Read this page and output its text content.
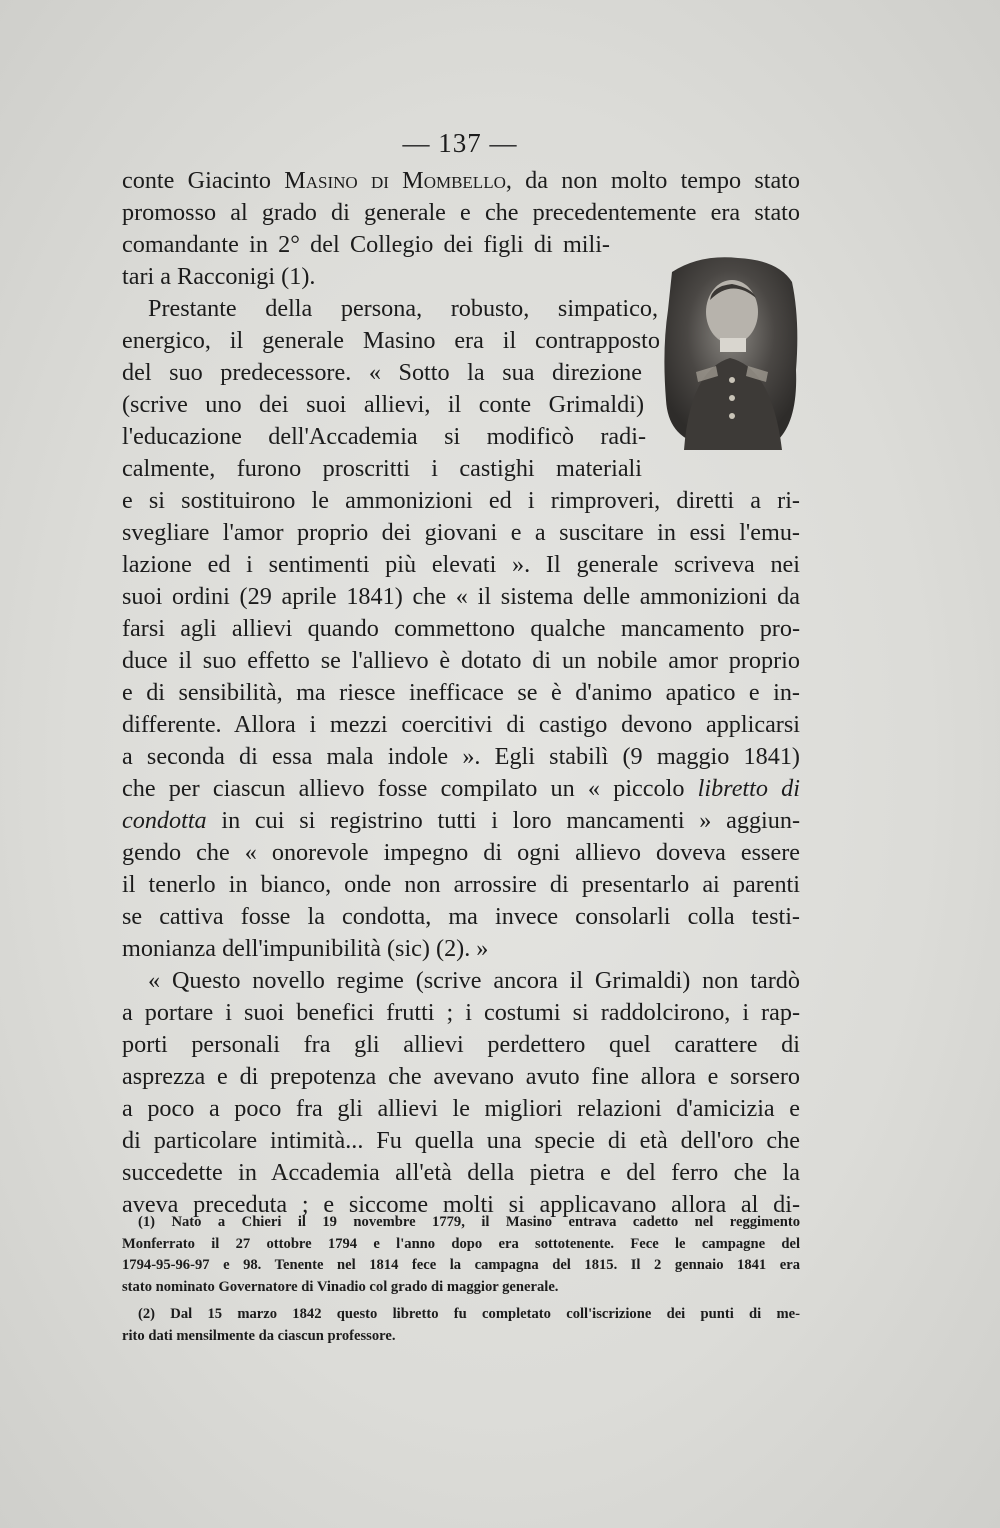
— 137 —
conte Giacinto Masino di Mombello, da non molto tempo stato
promosso al grado di generale e che precedentemente era stato
comandante in 2° del Collegio dei figli di mili-
tari a Racconigi (1).
Prestante della persona, robusto, simpatico,
energico, il generale Masino era il contrapposto
del suo predecessore. « Sotto la sua direzione
(scrive uno dei suoi allievi, il conte Grimaldi)
l'educazione dell'Accademia si modificò radi-
calmente, furono proscritti i castighi materiali
e si sostituirono le ammonizioni ed i rimproveri, diretti a ri-
svegliare l'amor proprio dei giovani e a suscitare in essi l'emu-
lazione ed i sentimenti più elevati ». Il generale scriveva nei
suoi ordini (29 aprile 1841) che « il sistema delle ammonizioni da
farsi agli allievi quando commettono qualche mancamento pro-
duce il suo effetto se l'allievo è dotato di un nobile amor proprio
e di sensibilità, ma riesce inefficace se è d'animo apatico e in-
differente. Allora i mezzi coercitivi di castigo devono applicarsi
a seconda di essa mala indole ». Egli stabilì (9 maggio 1841)
che per ciascun allievo fosse compilato un « piccolo libretto di
condotta in cui si registrino tutti i loro mancamenti » aggiun-
gendo che « onorevole impegno di ogni allievo doveva essere
il tenerlo in bianco, onde non arrossire di presentarlo ai parenti
se cattiva fosse la condotta, ma invece consolarli colla testi-
monianza dell'impunibilità (sic) (2). »
« Questo novello regime (scrive ancora il Grimaldi) non tardò
a portare i suoi benefici frutti ; i costumi si raddolcirono, i rap-
porti personali fra gli allievi perdettero quel carattere di
asprezza e di prepotenza che avevano avuto fine allora e sorsero
a poco a poco fra gli allievi le migliori relazioni d'amicizia e
di particolare intimità... Fu quella una specie di età dell'oro che
succedette in Accademia all'età della pietra e del ferro che la
aveva preceduta ; e siccome molti si applicavano allora al di-
(1) Nato a Chieri il 19 novembre 1779, il Masino entrava cadetto nel reggimento
Monferrato il 27 ottobre 1794 e l'anno dopo era sottotenente. Fece le campagne del
1794-95-96-97 e 98. Tenente nel 1814 fece la campagna del 1815. Il 2 gennaio 1841 era
stato nominato Governatore di Vinadio col grado di maggior generale.
(2) Dal 15 marzo 1842 questo libretto fu completato coll'iscrizione dei punti di me-
rito dati mensilmente da ciascun professore.
